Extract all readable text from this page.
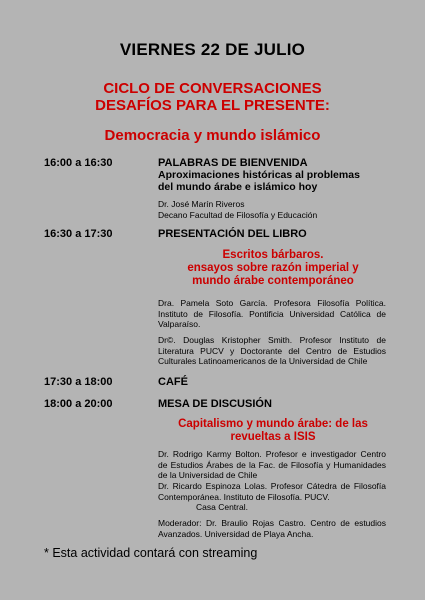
VIERNES 22 DE JULIO
CICLO DE CONVERSACIONES
DESAFÍOS PARA EL PRESENTE:
Democracia y mundo islámico
16:00 a 16:30	PALABRAS DE BIENVENIDA
Aproximaciones históricas al problemas
del mundo árabe e islámico hoy
Dr. José Marín Riveros
Decano Facultad de Filosofía y Educación
16:30 a 17:30	PRESENTACIÓN DEL LIBRO
Escritos bárbaros.
ensayos sobre razón imperial y
mundo árabe contemporáneo
Dra. Pamela Soto García. Profesora Filosofía Política. Instituto de Filosofía. Pontificia Universidad Católica de Valparaíso.
Dr©. Douglas Kristopher Smith. Profesor Instituto de Literatura PUCV y Doctorante del Centro de Estudios Culturales Latinoamericanos de la Universidad de Chile
17:30 a 18:00	CAFÉ
18:00 a 20:00	MESA DE DISCUSIÓN
Capitalismo y mundo árabe: de las
revueltas a ISIS
Dr. Rodrigo Karmy Bolton. Profesor e investigador Centro de Estudios Árabes de la Fac. de Filosofía y Humanidades de la Universidad de Chile
Dr. Ricardo Espinoza Lolas. Profesor Cátedra de Filosofía Contemporánea. Instituto de Filosofía. PUCV.
Casa Central.
Moderador: Dr. Braulio Rojas Castro. Centro de estudios Avanzados. Universidad de Playa Ancha.
* Esta actividad contará con streaming
